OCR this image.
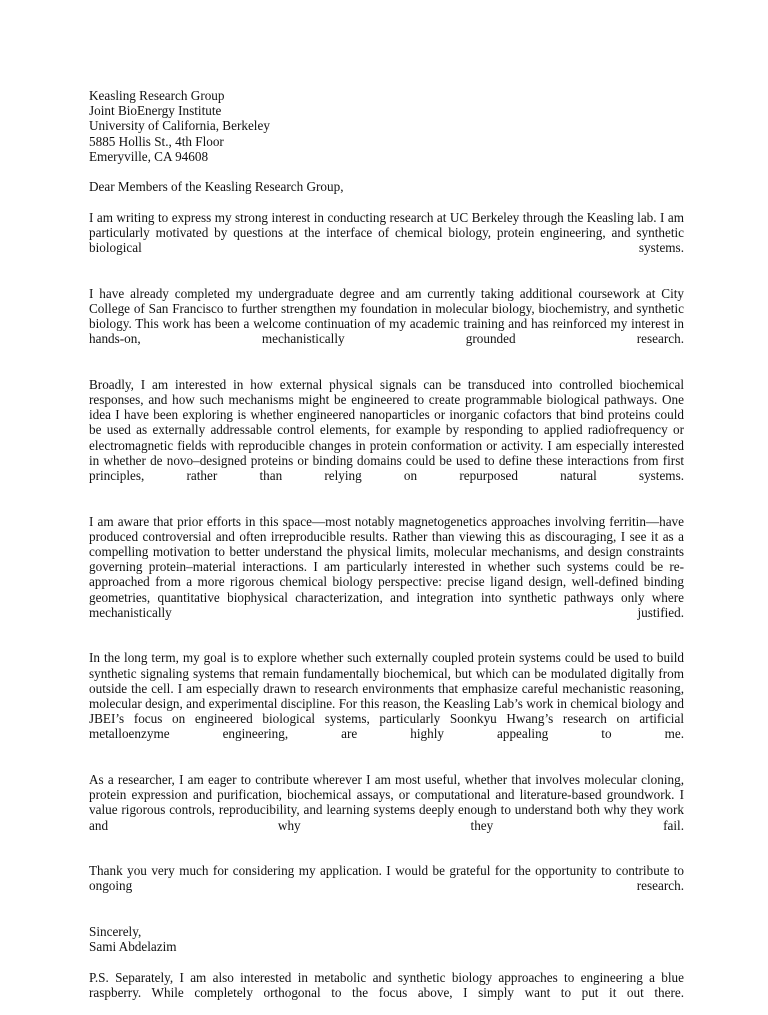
Keasling Research Group
Joint BioEnergy Institute
University of California, Berkeley
5885 Hollis St., 4th Floor
Emeryville, CA 94608
Dear Members of the Keasling Research Group,
I am writing to express my strong interest in conducting research at UC Berkeley through the Keasling lab. I am particularly motivated by questions at the interface of chemical biology, protein engineering, and synthetic biological systems.
I have already completed my undergraduate degree and am currently taking additional coursework at City College of San Francisco to further strengthen my foundation in molecular biology, biochemistry, and synthetic biology. This work has been a welcome continuation of my academic training and has reinforced my interest in hands-on, mechanistically grounded research.
Broadly, I am interested in how external physical signals can be transduced into controlled biochemical responses, and how such mechanisms might be engineered to create programmable biological pathways. One idea I have been exploring is whether engineered nanoparticles or inorganic cofactors that bind proteins could be used as externally addressable control elements, for example by responding to applied radiofrequency or electromagnetic fields with reproducible changes in protein conformation or activity. I am especially interested in whether de novo–designed proteins or binding domains could be used to define these interactions from first principles, rather than relying on repurposed natural systems.
I am aware that prior efforts in this space—most notably magnetogenetics approaches involving ferritin—have produced controversial and often irreproducible results. Rather than viewing this as discouraging, I see it as a compelling motivation to better understand the physical limits, molecular mechanisms, and design constraints governing protein–material interactions. I am particularly interested in whether such systems could be re-approached from a more rigorous chemical biology perspective: precise ligand design, well-defined binding geometries, quantitative biophysical characterization, and integration into synthetic pathways only where mechanistically justified.
In the long term, my goal is to explore whether such externally coupled protein systems could be used to build synthetic signaling systems that remain fundamentally biochemical, but which can be modulated digitally from outside the cell. I am especially drawn to research environments that emphasize careful mechanistic reasoning, molecular design, and experimental discipline. For this reason, the Keasling Lab’s work in chemical biology and JBEI’s focus on engineered biological systems, particularly Soonkyu Hwang’s research on artificial metalloenzyme engineering, are highly appealing to me.
As a researcher, I am eager to contribute wherever I am most useful, whether that involves molecular cloning, protein expression and purification, biochemical assays, or computational and literature-based groundwork. I value rigorous controls, reproducibility, and learning systems deeply enough to understand both why they work and why they fail.
Thank you very much for considering my application. I would be grateful for the opportunity to contribute to ongoing research.
Sincerely,
Sami Abdelazim
P.S. Separately, I am also interested in metabolic and synthetic biology approaches to engineering a blue raspberry. While completely orthogonal to the focus above, I simply want to put it out there.
